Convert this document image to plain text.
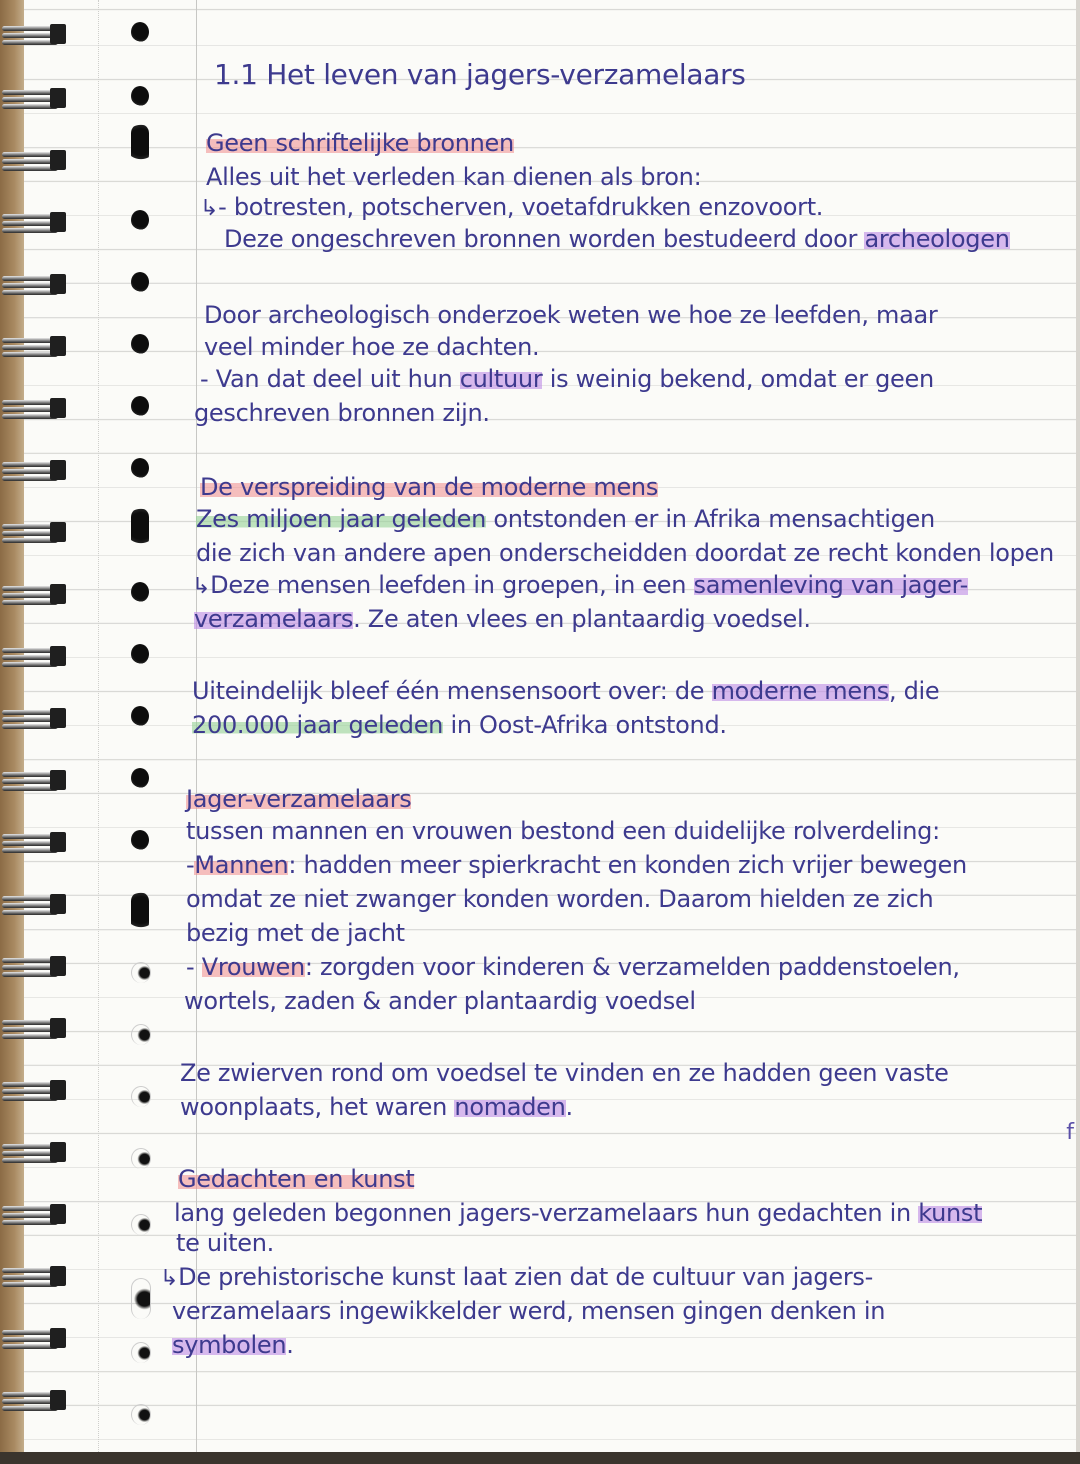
1.1 Het leven van jagers-verzamelaars
Geen schriftelijke bronnen
Alles uit het verleden kan dienen als bron:
↳- botresten, potscherven, voetafdrukken enzovoort.
Deze ongeschreven bronnen worden bestudeerd door archeologen
Door archeologisch onderzoek weten we hoe ze leefden, maar
veel minder hoe ze dachten.
- Van dat deel uit hun cultuur is weinig bekend, omdat er geen
geschreven bronnen zijn.
De verspreiding van de moderne mens
Zes miljoen jaar geleden ontstonden er in Afrika mensachtigen
die zich van andere apen onderscheidden doordat ze recht konden lopen
↳Deze mensen leefden in groepen, in een samenleving van jager-
verzamelaars. Ze aten vlees en plantaardig voedsel.
Uiteindelijk bleef één mensensoort over: de moderne mens, die
200.000 jaar geleden in Oost-Afrika ontstond.
Jager-verzamelaars
tussen mannen en vrouwen bestond een duidelijke rolverdeling:
-Mannen: hadden meer spierkracht en konden zich vrijer bewegen
omdat ze niet zwanger konden worden. Daarom hielden ze zich
bezig met de jacht
- Vrouwen: zorgden voor kinderen & verzamelden paddenstoelen,
wortels, zaden & ander plantaardig voedsel
Ze zwierven rond om voedsel te vinden en ze hadden geen vaste
woonplaats, het waren nomaden.
Gedachten en kunst
lang geleden begonnen jagers-verzamelaars hun gedachten in kunst
te uiten.
↳De prehistorische kunst laat zien dat de cultuur van jagers-
verzamelaars ingewikkelder werd, mensen gingen denken in
symbolen.
f
